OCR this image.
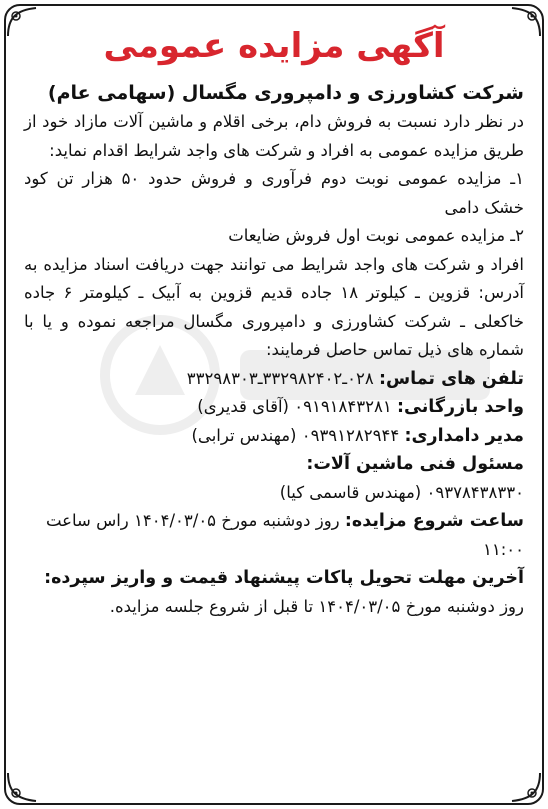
آگهی مزایده عمومی
شرکت کشاورزی و دامپروری مگسال (سهامی عام)

در نظر دارد نسبت به فروش دام، برخی اقلام و ماشین آلات مازاد خود از طریق مزایده عمومی به افراد و شرکت های واجد شرایط اقدام نماید:

۱ـ مزایده عمومی نوبت دوم فرآوری و فروش حدود ۵۰ هزار تن کود خشک دامی

۲ـ مزایده عمومی نوبت اول فروش ضایعات

افراد و شرکت های واجد شرایط می توانند جهت دریافت اسناد مزایده به آدرس: قزوین ـ کیلوتر ۱۸ جاده قدیم قزوین به آبیک ـ کیلومتر ۶ جاده خاکعلی ـ شرکت کشاورزی و دامپروری مگسال مراجعه نموده و یا با شماره های ذیل تماس حاصل فرمایند:

تلفن های تماس: ۰۲۸ـ۳۳۲۹۸۲۴۰۲ـ۳۳۲۹۸۳۰۳
واحد بازرگانی: ۰۹۱۹۱۸۴۳۲۸۱ (آقای قدیری)
مدیر دامداری: ۰۹۳۹۱۲۸۲۹۴۴ (مهندس ترابی)
مسئول فنی ماشین آلات:
۰۹۳۷۸۴۳۸۳۳۰ (مهندس قاسمی کیا)
ساعت شروع مزایده: روز دوشنبه مورخ ۱۴۰۴/۰۳/۰۵ راس ساعت ۱۱:۰۰
آخرین مهلت تحویل پاکات پیشنهاد قیمت و واریز سپرده: روز دوشنبه مورخ ۱۴۰۴/۰۳/۰۵ تا قبل از شروع جلسه مزایده.
